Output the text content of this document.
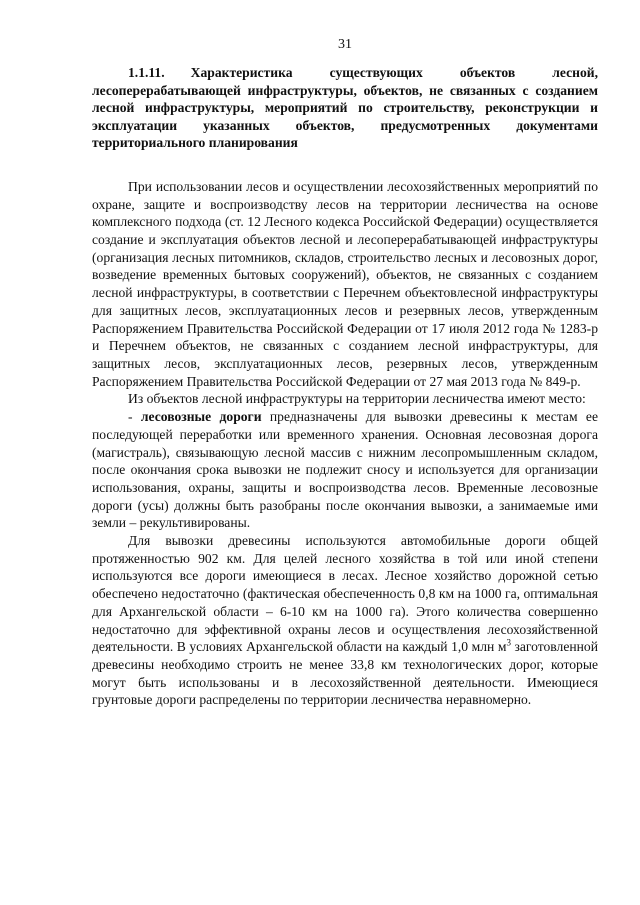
31

1.1.11. Характеристика существующих объектов лесной, лесоперерабатывающей инфраструктуры, объектов, не связанных с созданием лесной инфраструктуры, мероприятий по строительству, реконструкции и эксплуатации указанных объектов, предусмотренных документами территориального планирования

При использовании лесов и осуществлении лесохозяйственных мероприятий по охране, защите и воспроизводству лесов на территории лесничества на основе комплексного подхода (ст. 12 Лесного кодекса Российской Федерации) осуществляется создание и эксплуатация объектов лесной и лесоперерабатывающей инфраструктуры (организация лесных питомников, складов, строительство лесных и лесовозных дорог, возведение временных бытовых сооружений), объектов, не связанных с созданием лесной инфраструктуры, в соответствии с Перечнем объектовлесной инфраструктуры для защитных лесов, эксплуатационных лесов и резервных лесов, утвержденным Распоряжением Правительства Российской Федерации от 17 июля 2012 года № 1283-р и Перечнем объектов, не связанных с созданием лесной инфраструктуры, для защитных лесов, эксплуатационных лесов, резервных лесов, утвержденным Распоряжением Правительства Российской Федерации от 27 мая 2013 года № 849-р.

Из объектов лесной инфраструктуры на территории лесничества имеют место:

- лесовозные дороги предназначены для вывозки древесины к местам ее последующей переработки или временного хранения. Основная лесовозная дорога (магистраль), связывающую лесной массив с нижним лесопромышленным складом, после окончания срока вывозки не подлежит сносу и используется для организации использования, охраны, защиты и воспроизводства лесов. Временные лесовозные дороги (усы) должны быть разобраны после окончания вывозки, а занимаемые ими земли – рекультивированы.

Для вывозки древесины используются автомобильные дороги общей протяженностью 902 км. Для целей лесного хозяйства в той или иной степени используются все дороги имеющиеся в лесах. Лесное хозяйство дорожной сетью обеспечено недостаточно (фактическая обеспеченность 0,8 км на 1000 га, оптимальная для Архангельской области – 6-10 км на 1000 га). Этого количества совершенно недостаточно для эффективной охраны лесов и осуществления лесохозяйственной деятельности. В условиях Архангельской области на каждый 1,0 млн $м^3$ заготовленной древесины необходимо строить не менее 33,8 км технологических дорог, которые могут быть использованы и в лесохозяйственной деятельности. Имеющиеся грунтовые дороги распределены по территории лесничества неравномерно.
